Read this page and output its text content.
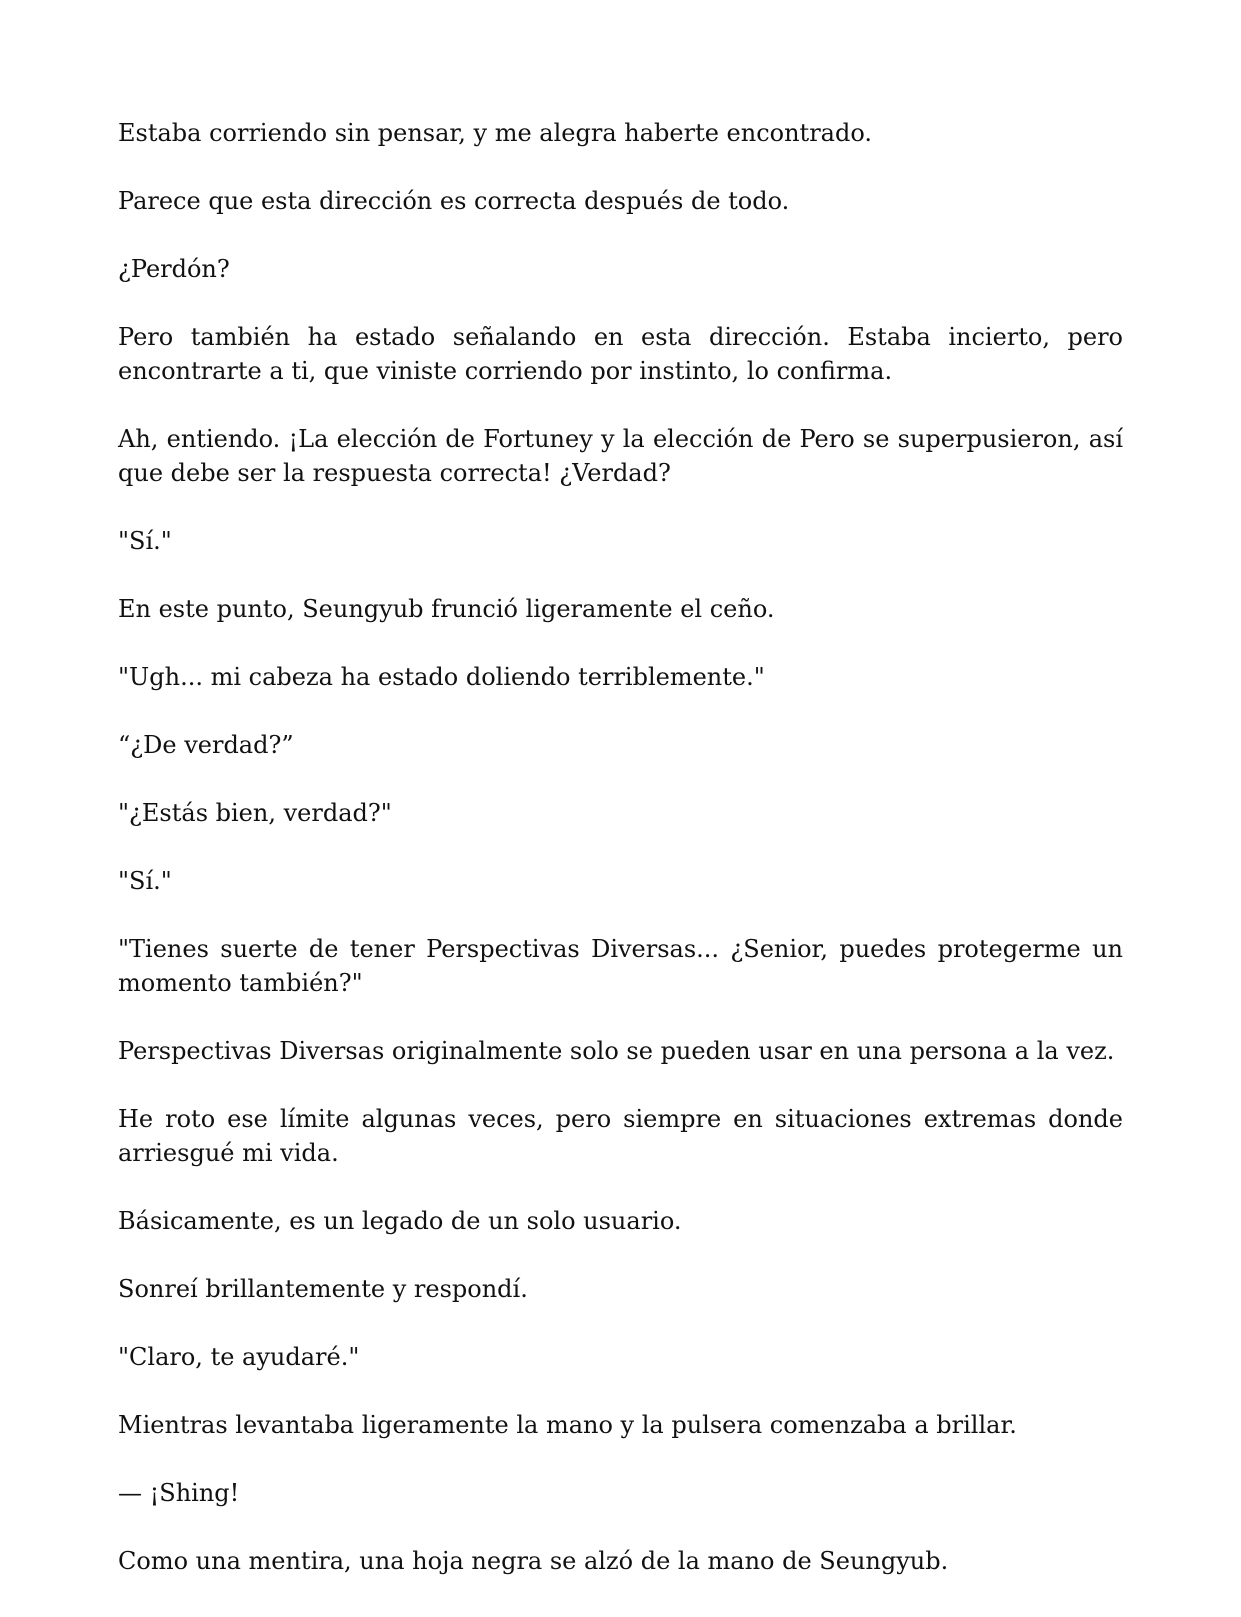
Estaba corriendo sin pensar, y me alegra haberte encontrado.

Parece que esta dirección es correcta después de todo.

¿Perdón?

Pero también ha estado señalando en esta dirección. Estaba incierto, pero encontrarte a ti, que viniste corriendo por instinto, lo confirma.

Ah, entiendo. ¡La elección de Fortuney y la elección de Pero se superpusieron, así que debe ser la respuesta correcta! ¿Verdad?

"Sí."

En este punto, Seungyub frunció ligeramente el ceño.

"Ugh... mi cabeza ha estado doliendo terriblemente."

“¿De verdad?”

"¿Estás bien, verdad?"

"Sí."

"Tienes suerte de tener Perspectivas Diversas... ¿Senior, puedes protegerme un momento también?"

Perspectivas Diversas originalmente solo se pueden usar en una persona a la vez.

He roto ese límite algunas veces, pero siempre en situaciones extremas donde arriesgué mi vida.

Básicamente, es un legado de un solo usuario.

Sonreí brillantemente y respondí.

"Claro, te ayudaré."

Mientras levantaba ligeramente la mano y la pulsera comenzaba a brillar.

— ¡Shing!

Como una mentira, una hoja negra se alzó de la mano de Seungyub.
